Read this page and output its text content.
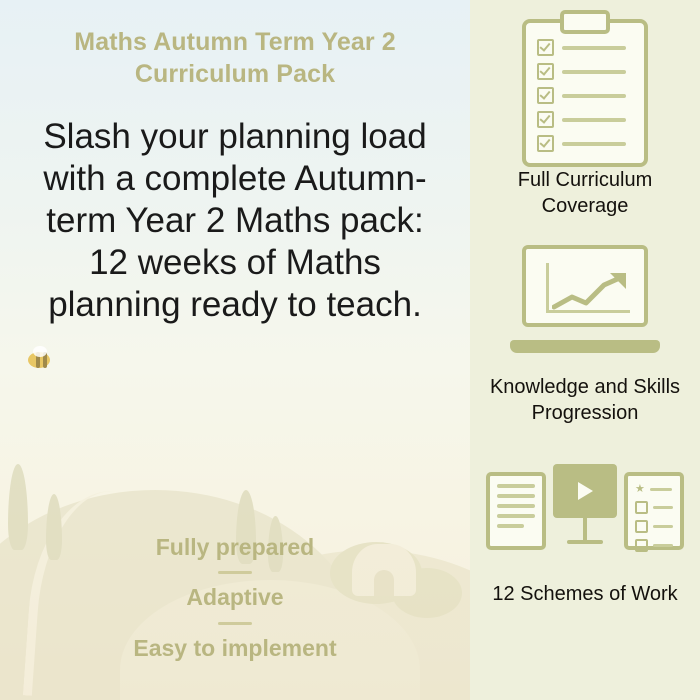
Maths Autumn Term Year 2 Curriculum Pack
Slash your planning load with a complete Autumn-term Year 2 Maths pack: 12 weeks of Maths planning ready to teach.
Fully prepared
Adaptive
Easy to implement
Full Curriculum Coverage
Knowledge and Skills Progression
★
12 Schemes of Work
